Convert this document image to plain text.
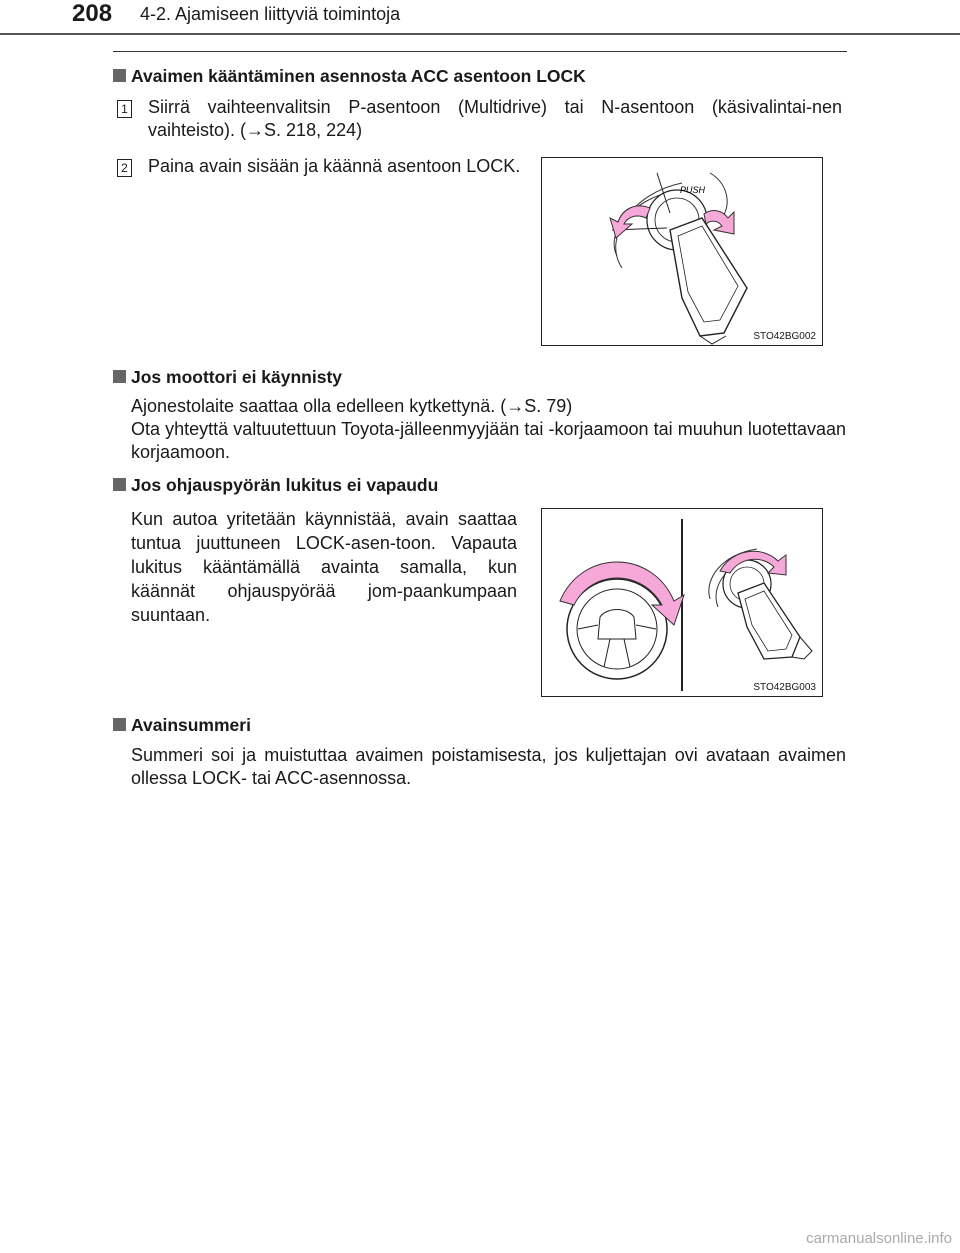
208 4-2. Ajamiseen liittyviä toimintoja
Avaimen kääntäminen asennosta ACC asentoon LOCK
1 Siirrä vaihteenvalitsin P-asentoon (Multidrive) tai N-asentoon (käsivalintai-nen vaihteisto). (→S. 218, 224)
2 Paina avain sisään ja käännä asentoon LOCK.
PUSH
STO42BG002
Jos moottori ei käynnisty
Ajonestolaite saattaa olla edelleen kytkettynä. (→S. 79)
Ota yhteyttä valtuutettuun Toyota-jälleenmyyjään tai -korjaamoon tai muuhun luotettavaan korjaamoon.
Jos ohjauspyörän lukitus ei vapaudu
Kun autoa yritetään käynnistää, avain saattaa tuntua juuttuneen LOCK-asen-toon. Vapauta lukitus kääntämällä avainta samalla, kun käännät ohjauspyörää jom-paankumpaan suuntaan.
STO42BG003
Avainsummeri
Summeri soi ja muistuttaa avaimen poistamisesta, jos kuljettajan ovi avataan avaimen ollessa LOCK- tai ACC-asennossa.
carmanualsonline.info
